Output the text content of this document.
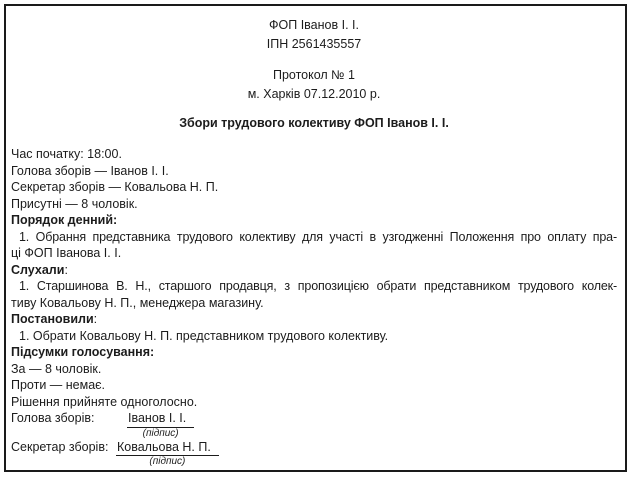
ФОП Іванов І. І.
ІПН 2561435557
Протокол № 1
м. Харків 07.12.2010 р.
Збори трудового колективу ФОП Іванов І. І.
Час початку: 18:00.
Голова зборів — Іванов І. І.
Секретар зборів — Ковальова Н. П.
Присутні — 8 чоловік.
Порядок денний:
1. Обрання представника трудового колективу для участі в узгодженні Положення про оплату пра-
ці ФОП Іванова І. І.
Слухали:
1. Старшинова В. Н., старшого продавця, з пропозицією обрати представником трудового колек-
тиву Ковальову Н. П., менеджера магазину.
Постановили:
1. Обрати Ковальову Н. П. представником трудового колективу.
Підсумки голосування:
За — 8 чоловік.
Проти — немає.
Рішення прийняте одноголосно.
Голова зборів:	Іванов І. І.
(підпис)
Секретар зборів: Ковальова Н. П.
(підпис)
